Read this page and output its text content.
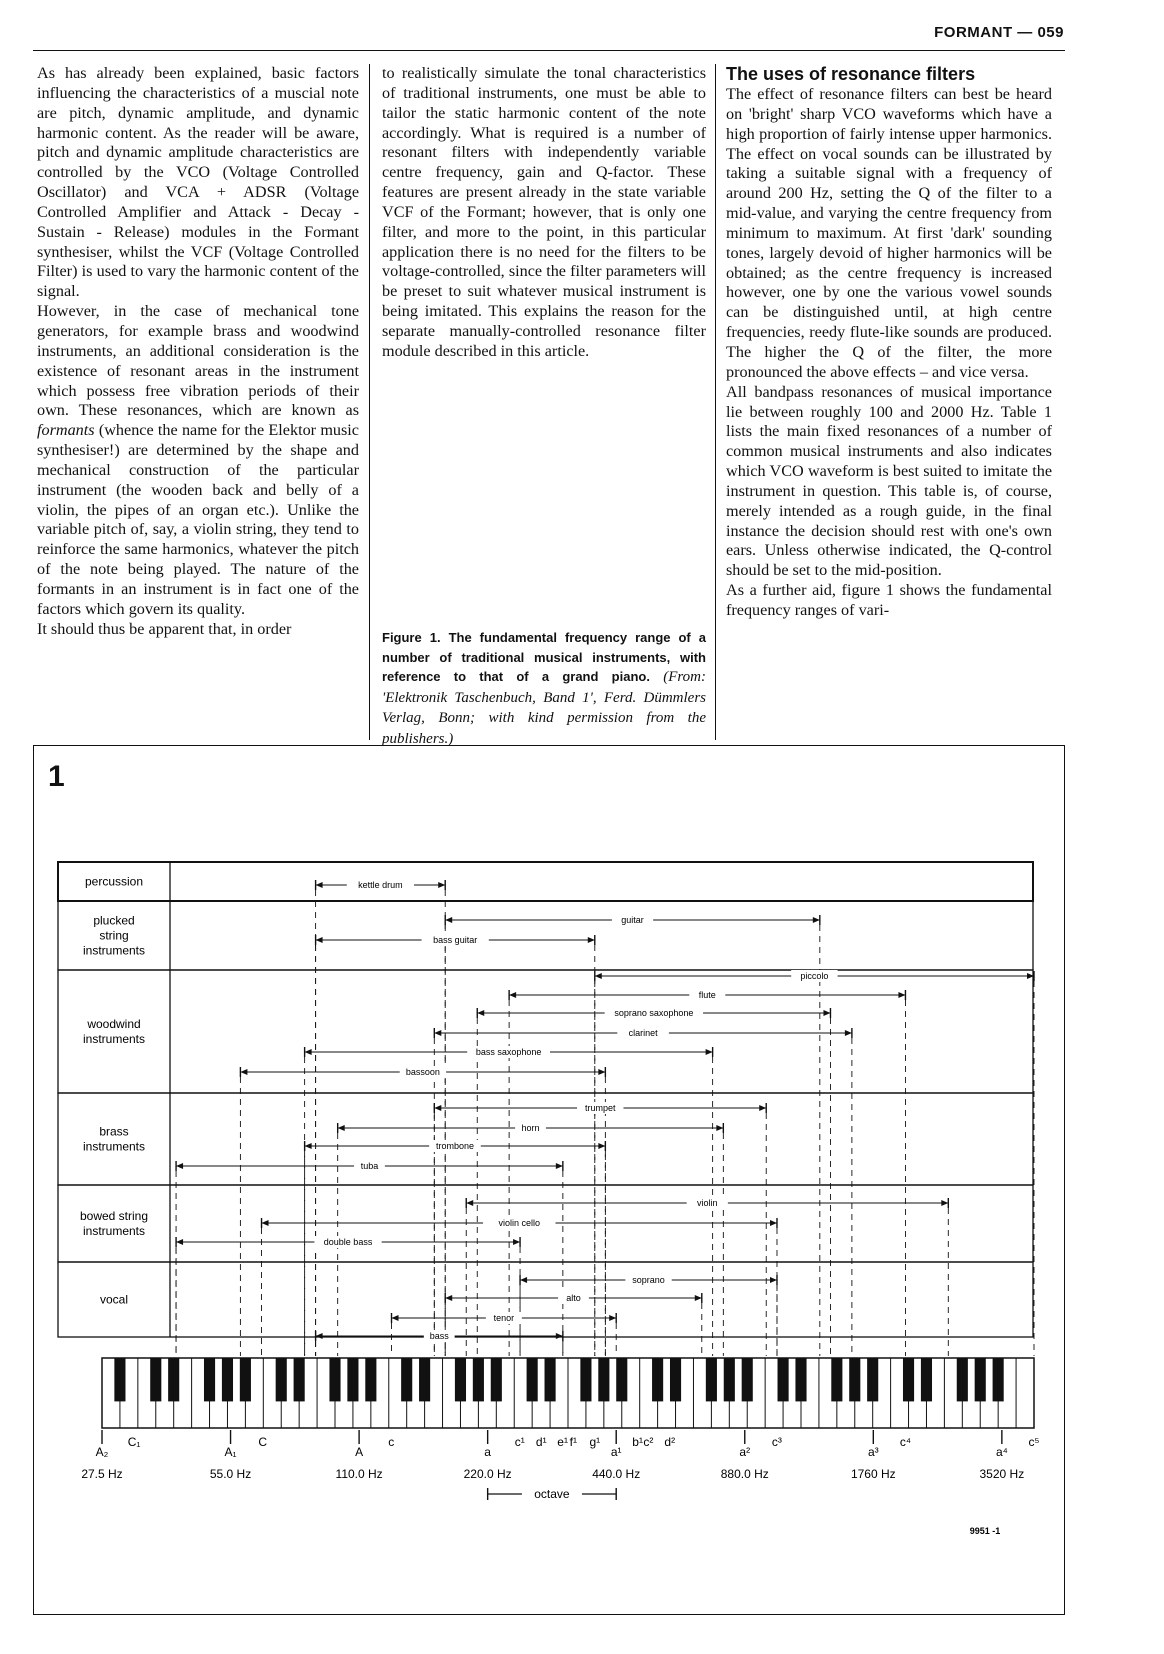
FORMANT — 059

As has already been explained, basic factors influencing the characteristics of a muscial note are pitch, dynamic amplitude, and dynamic harmonic content. As the reader will be aware, pitch and dynamic amplitude characteristics are controlled by the VCO (Voltage Controlled Oscillator) and VCA + ADSR (Voltage Controlled Amplifier and Attack - Decay - Sustain - Release) modules in the Formant synthesiser, whilst the VCF (Voltage Controlled Filter) is used to vary the harmonic content of the signal.

However, in the case of mechanical tone generators, for example brass and woodwind instruments, an additional consideration is the existence of resonant areas in the instrument which possess free vibration periods of their own. These resonances, which are known as formants (whence the name for the Elektor music synthesiser!) are determined by the shape and mechanical construction of the particular instrument (the wooden back and belly of a violin, the pipes of an organ etc.). Unlike the variable pitch of, say, a violin string, they tend to reinforce the same harmonics, whatever the pitch of the note being played. The nature of the formants in an instrument is in fact one of the factors which govern its quality.

It should thus be apparent that, in order

to realistically simulate the tonal characteristics of traditional instruments, one must be able to tailor the static harmonic content of the note accordingly. What is required is a number of resonant filters with independently variable centre frequency, gain and Q-factor. These features are present already in the state variable VCF of the Formant; however, that is only one filter, and more to the point, in this particular application there is no need for the filters to be voltage-controlled, since the filter parameters will be preset to suit whatever musical instrument is being imitated. This explains the reason for the separate manually-controlled resonance filter module described in this article.

Figure 1. The fundamental frequency range of a number of traditional musical instruments, with reference to that of a grand piano. (From: 'Elektronik Taschenbuch, Band 1', Ferd. Dümmlers Verlag, Bonn; with kind permission from the publishers.)
The uses of resonance filters

The effect of resonance filters can best be heard on 'bright' sharp VCO waveforms which have a high proportion of fairly intense upper harmonics. The effect on vocal sounds can be illustrated by taking a suitable signal with a frequency of around 200 Hz, setting the Q of the filter to a mid-value, and varying the centre frequency from minimum to maximum. At first 'dark' sounding tones, largely devoid of higher harmonics will be obtained; as the centre frequency is increased however, one by one the various vowel sounds can be distinguished until, at high centre frequencies, reedy flute-like sounds are produced. The higher the Q of the filter, the more pronounced the above effects – and vice versa.

All bandpass resonances of musical importance lie between roughly 100 and 2000 Hz. Table 1 lists the main fixed resonances of a number of common musical instruments and also indicates which VCO waveform is best suited to imitate the instrument in question. This table is, of course, merely intended as a rough guide, in the final instance the decision should rest with one's own ears. Unless otherwise indicated, the Q-control should be set to the mid-position.

As a further aid, figure 1 shows the fundamental frequency ranges of vari-

1
percussion
plucked
string
instruments
woodwind
instruments
brass
instruments
bowed string
instruments
vocal
kettle drum
guitar
bass guitar
piccolo
flute
soprano saxophone
clarinet
bass saxophone
bassoon
trumpet
horn
trombone
tuba
violin
violin cello
double bass
soprano
alto
tenor
bass
A₂
27.5 Hz
C₁
A₁
55.0 Hz
C
A
110.0 Hz
c
a
220.0 Hz
c¹ d¹ e¹ f¹ g¹
a¹
440.0 Hz
b¹ c² d²
a²
880.0 Hz
c³
a³
1760 Hz
c⁴
a⁴
3520 Hz
c⁵
octave
9951 -1
